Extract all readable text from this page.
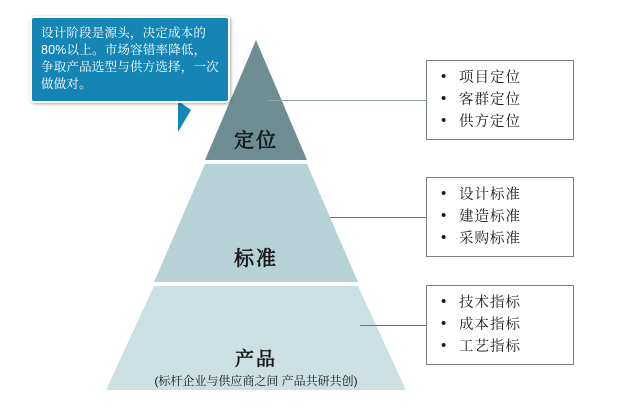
定位
标准
产品
(标杆企业与供应商之间 产品共研共创)
设计阶段是源头，决定成本的80%以上。市场容错率降低，争取产品选型与供方选择，一次做做对。	• 项目定位
• 客群定位
• 供方定位
• 设计标准
• 建造标准
• 采购标准
• 技术指标
• 成本指标
• 工艺指标
